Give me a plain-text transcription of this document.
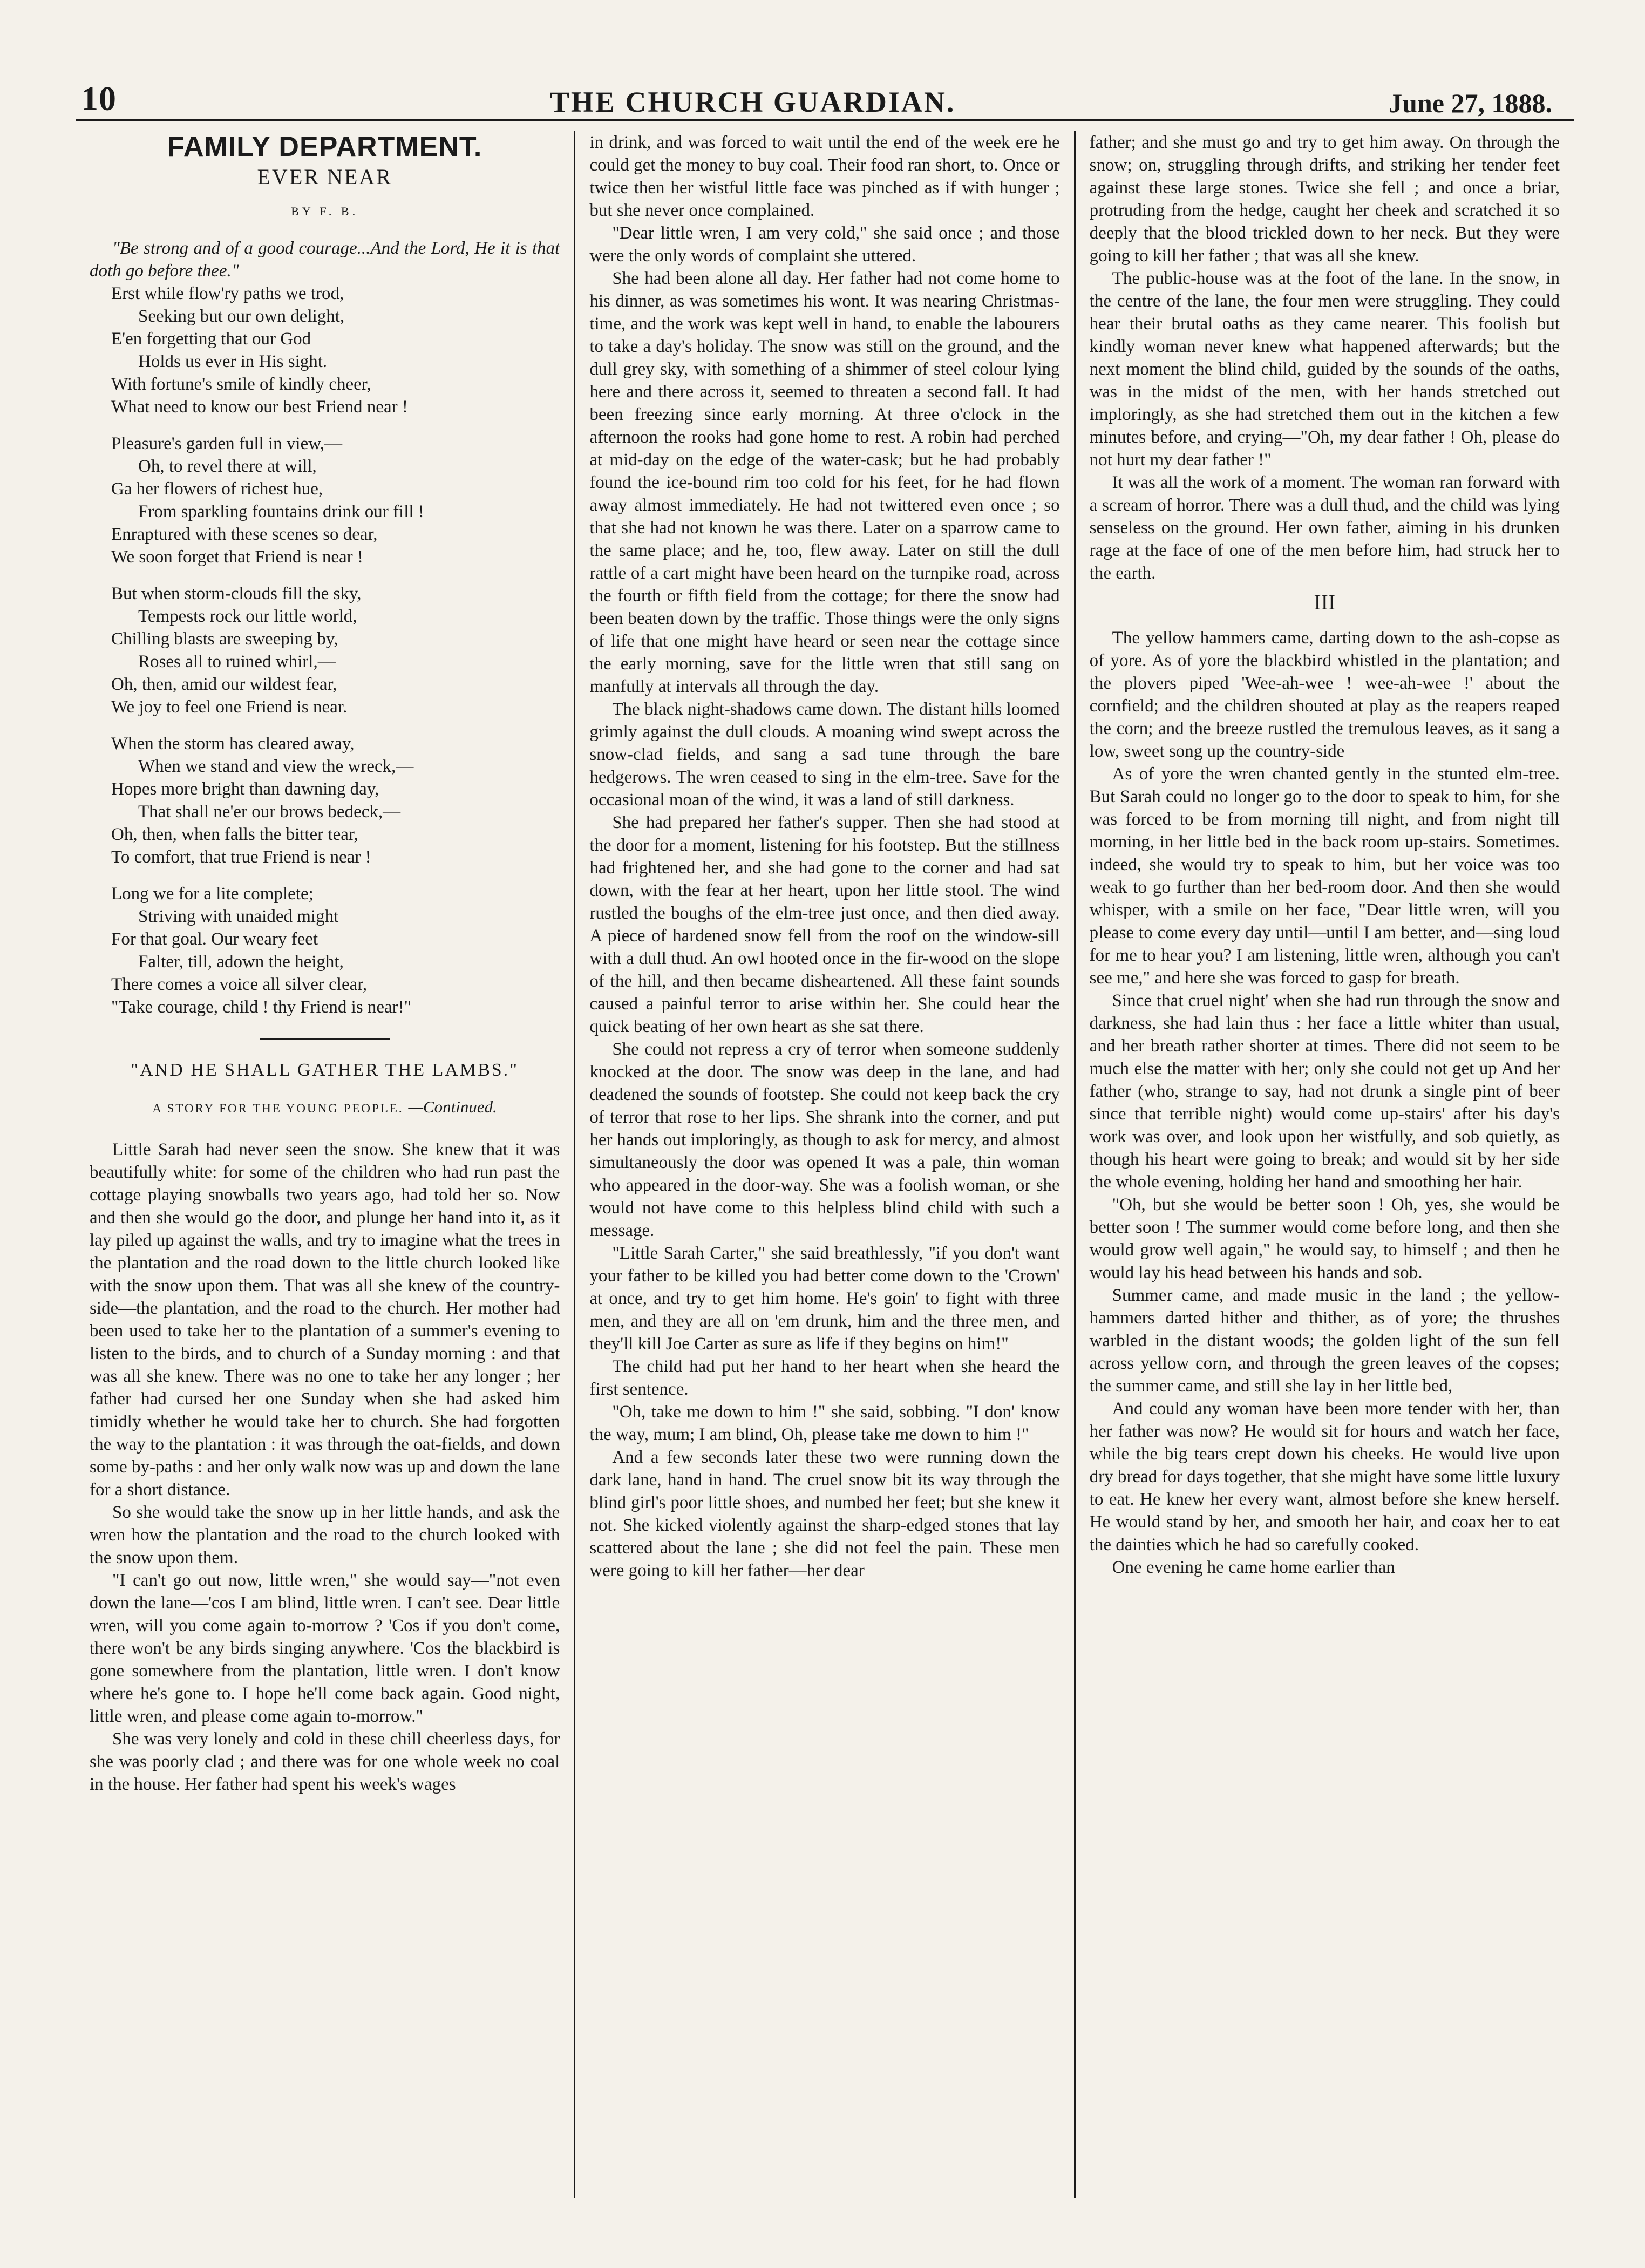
10	THE CHURCH GUARDIAN.	June 27, 1888.
FAMILY DEPARTMENT.
EVER NEAR
BY F. B.

"Be strong and of a good courage...And the Lord, He it is that doth go before thee."

Erst while flow'ry paths we trod,
Seeking but our own delight,
E'en forgetting that our God
Holds us ever in His sight.
With fortune's smile of kindly cheer,
What need to know our best Friend near !
Pleasure's garden full in view,—
Oh, to revel there at will,
Ga her flowers of richest hue,
From sparkling fountains drink our fill !
Enraptured with these scenes so dear,
We soon forget that Friend is near !
But when storm-clouds fill the sky,
Tempests rock our little world,
Chilling blasts are sweeping by,
Roses all to ruined whirl,—
Oh, then, amid our wildest fear,
We joy to feel one Friend is near.
When the storm has cleared away,
When we stand and view the wreck,—
Hopes more bright than dawning day,
That shall ne'er our brows bedeck,—
Oh, then, when falls the bitter tear,
To comfort, that true Friend is near !
Long we for a lite complete;
Striving with unaided might
For that goal. Our weary feet
Falter, till, adown the height,
There comes a voice all silver clear,
"Take courage, child ! thy Friend is near!"
"AND HE SHALL GATHER THE LAMBS."
A STORY FOR THE YOUNG PEOPLE. —Continued.

Little Sarah had never seen the snow. She knew that it was beautifully white: for some of the children who had run past the cottage playing snowballs two years ago, had told her so. Now and then she would go the door, and plunge her hand into it, as it lay piled up against the walls, and try to imagine what the trees in the plantation and the road down to the little church looked like with the snow upon them. That was all she knew of the country-side—the plantation, and the road to the church. Her mother had been used to take her to the plantation of a summer's evening to listen to the birds, and to church of a Sunday morning : and that was all she knew. There was no one to take her any longer ; her father had cursed her one Sunday when she had asked him timidly whether he would take her to church. She had forgotten the way to the plantation : it was through the oat-fields, and down some by-paths : and her only walk now was up and down the lane for a short distance.

So she would take the snow up in her little hands, and ask the wren how the plantation and the road to the church looked with the snow upon them.

"I can't go out now, little wren," she would say—"not even down the lane—'cos I am blind, little wren. I can't see. Dear little wren, will you come again to-morrow ? 'Cos if you don't come, there won't be any birds singing anywhere. 'Cos the blackbird is gone somewhere from the plantation, little wren. I don't know where he's gone to. I hope he'll come back again. Good night, little wren, and please come again to-morrow."

She was very lonely and cold in these chill cheerless days, for she was poorly clad ; and there was for one whole week no coal in the house. Her father had spent his week's wages

in drink, and was forced to wait until the end of the week ere he could get the money to buy coal. Their food ran short, to. Once or twice then her wistful little face was pinched as if with hunger ; but she never once complained.

"Dear little wren, I am very cold," she said once ; and those were the only words of complaint she uttered.

She had been alone all day. Her father had not come home to his dinner, as was sometimes his wont. It was nearing Christmas-time, and the work was kept well in hand, to enable the labourers to take a day's holiday. The snow was still on the ground, and the dull grey sky, with something of a shimmer of steel colour lying here and there across it, seemed to threaten a second fall. It had been freezing since early morning. At three o'clock in the afternoon the rooks had gone home to rest. A robin had perched at mid-day on the edge of the water-cask; but he had probably found the ice-bound rim too cold for his feet, for he had flown away almost immediately. He had not twittered even once ; so that she had not known he was there. Later on a sparrow came to the same place; and he, too, flew away. Later on still the dull rattle of a cart might have been heard on the turnpike road, across the fourth or fifth field from the cottage; for there the snow had been beaten down by the traffic. Those things were the only signs of life that one might have heard or seen near the cottage since the early morning, save for the little wren that still sang on manfully at intervals all through the day.

The black night-shadows came down. The distant hills loomed grimly against the dull clouds. A moaning wind swept across the snow-clad fields, and sang a sad tune through the bare hedgerows. The wren ceased to sing in the elm-tree. Save for the occasional moan of the wind, it was a land of still darkness.

She had prepared her father's supper. Then she had stood at the door for a moment, listening for his footstep. But the stillness had frightened her, and she had gone to the corner and had sat down, with the fear at her heart, upon her little stool. The wind rustled the boughs of the elm-tree just once, and then died away. A piece of hardened snow fell from the roof on the window-sill with a dull thud. An owl hooted once in the fir-wood on the slope of the hill, and then became disheartened. All these faint sounds caused a painful terror to arise within her. She could hear the quick beating of her own heart as she sat there.

She could not repress a cry of terror when someone suddenly knocked at the door. The snow was deep in the lane, and had deadened the sounds of footstep. She could not keep back the cry of terror that rose to her lips. She shrank into the corner, and put her hands out imploringly, as though to ask for mercy, and almost simultaneously the door was opened It was a pale, thin woman who appeared in the door-way. She was a foolish woman, or she would not have come to this helpless blind child with such a message.

"Little Sarah Carter," she said breathlessly, "if you don't want your father to be killed you had better come down to the 'Crown' at once, and try to get him home. He's goin' to fight with three men, and they are all on 'em drunk, him and the three men, and they'll kill Joe Carter as sure as life if they begins on him!"

The child had put her hand to her heart when she heard the first sentence.

"Oh, take me down to him !" she said, sobbing. "I don' know the way, mum; I am blind, Oh, please take me down to him !"

And a few seconds later these two were running down the dark lane, hand in hand. The cruel snow bit its way through the blind girl's poor little shoes, and numbed her feet; but she knew it not. She kicked violently against the sharp-edged stones that lay scattered about the lane ; she did not feel the pain. These men were going to kill her father—her dear

father; and she must go and try to get him away. On through the snow; on, struggling through drifts, and striking her tender feet against these large stones. Twice she fell ; and once a briar, protruding from the hedge, caught her cheek and scratched it so deeply that the blood trickled down to her neck. But they were going to kill her father ; that was all she knew.

The public-house was at the foot of the lane. In the snow, in the centre of the lane, the four men were struggling. They could hear their brutal oaths as they came nearer. This foolish but kindly woman never knew what happened afterwards; but the next moment the blind child, guided by the sounds of the oaths, was in the midst of the men, with her hands stretched out imploringly, as she had stretched them out in the kitchen a few minutes before, and crying—"Oh, my dear father ! Oh, please do not hurt my dear father !"

It was all the work of a moment. The woman ran forward with a scream of horror. There was a dull thud, and the child was lying senseless on the ground. Her own father, aiming in his drunken rage at the face of one of the men before him, had struck her to the earth.

III

The yellow hammers came, darting down to the ash-copse as of yore. As of yore the blackbird whistled in the plantation; and the plovers piped 'Wee-ah-wee ! wee-ah-wee !' about the cornfield; and the children shouted at play as the reapers reaped the corn; and the breeze rustled the tremulous leaves, as it sang a low, sweet song up the country-side

As of yore the wren chanted gently in the stunted elm-tree. But Sarah could no longer go to the door to speak to him, for she was forced to be from morning till night, and from night till morning, in her little bed in the back room up-stairs. Sometimes. indeed, she would try to speak to him, but her voice was too weak to go further than her bed-room door. And then she would whisper, with a smile on her face, "Dear little wren, will you please to come every day until—until I am better, and—sing loud for me to hear you? I am listening, little wren, although you can't see me," and here she was forced to gasp for breath.

Since that cruel night' when she had run through the snow and darkness, she had lain thus : her face a little whiter than usual, and her breath rather shorter at times. There did not seem to be much else the matter with her; only she could not get up And her father (who, strange to say, had not drunk a single pint of beer since that terrible night) would come up-stairs' after his day's work was over, and look upon her wistfully, and sob quietly, as though his heart were going to break; and would sit by her side the whole evening, holding her hand and smoothing her hair.

"Oh, but she would be better soon ! Oh, yes, she would be better soon ! The summer would come before long, and then she would grow well again," he would say, to himself ; and then he would lay his head between his hands and sob.

Summer came, and made music in the land ; the yellow-hammers darted hither and thither, as of yore; the thrushes warbled in the distant woods; the golden light of the sun fell across yellow corn, and through the green leaves of the copses; the summer came, and still she lay in her little bed,

And could any woman have been more tender with her, than her father was now? He would sit for hours and watch her face, while the big tears crept down his cheeks. He would live upon dry bread for days together, that she might have some little luxury to eat. He knew her every want, almost before she knew herself. He would stand by her, and smooth her hair, and coax her to eat the dainties which he had so carefully cooked.

One evening he came home earlier than
